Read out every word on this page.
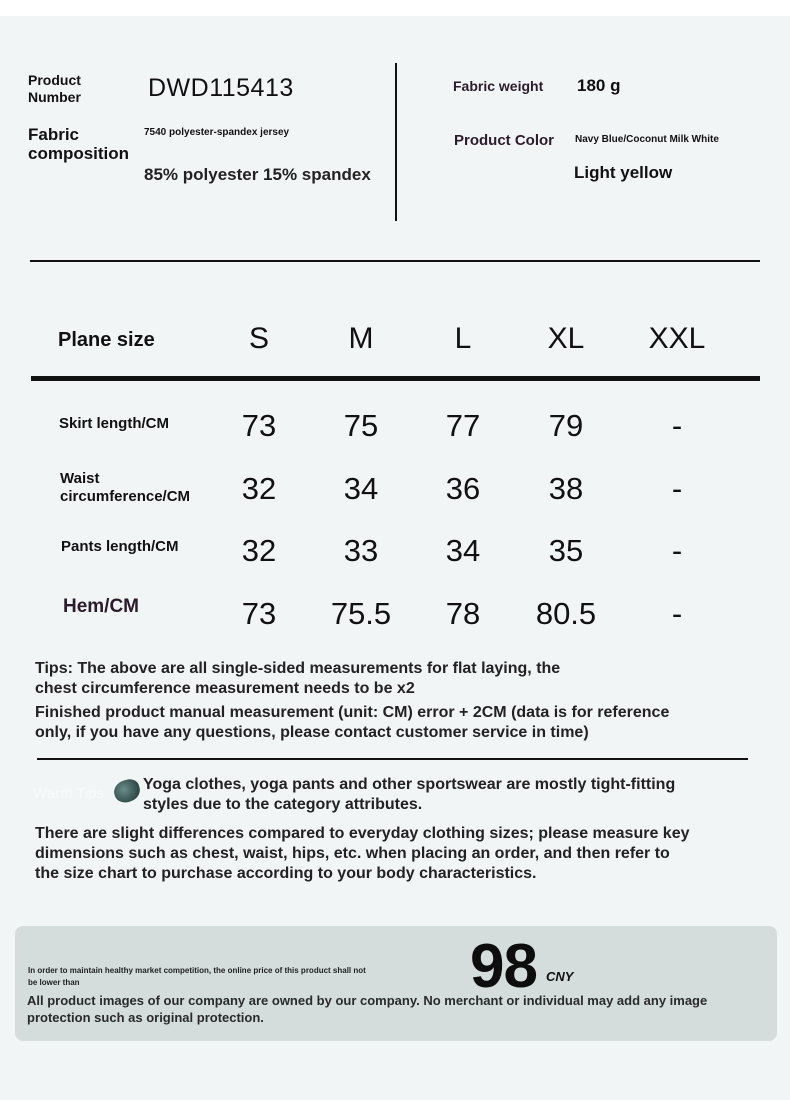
Product Number	DWD115413
Fabric composition
7540 polyester-spandex jersey
85% polyester 15% spandex
Fabric weight 180 g
Product Color Navy Blue/Coconut Milk White
Light yellow
Plane size	S	M	L	XL	XXL
Skirt length/CM	73	75	77	79	-
Waist circumference/CM	32	34	36	38	-
Pants length/CM	32	33	34	35	-
Hem/CM	73	75.5	78	80.5	-
Tips: The above are all single-sided measurements for flat laying, the
chest circumference measurement needs to be x2
Finished product manual measurement (unit: CM) error + 2CM (data is for reference
only, if you have any questions, please contact customer service in time)
Warm Tips
Yoga clothes, yoga pants and other sportswear are mostly tight-fitting
styles due to the category attributes.
There are slight differences compared to everyday clothing sizes; please measure key
dimensions such as chest, waist, hips, etc. when placing an order, and then refer to
the size chart to purchase according to your body characteristics.
In order to maintain healthy market competition, the online price of this product shall not
be lower than	98 CNY
All product images of our company are owned by our company. No merchant or individual may add any image
protection such as original protection.
